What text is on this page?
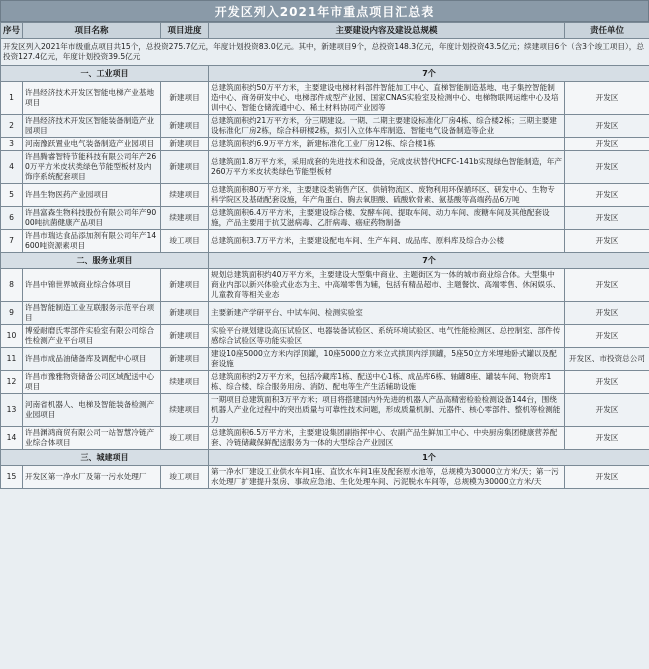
开发区列入2021年市重点项目汇总表
序号	项目名称	项目进度	主要建设内容及建设总规模	责任单位
开发区列入2021年市级重点项目共15个，总投资275.7亿元，年度计划投资83.0亿元。其中，新建项目9个，总投资148.3亿元，年度计划投资43.5亿元；续建项目6个（含3个竣工项目），总投资127.4亿元，年度计划投资39.5亿元				
一、工业项目			7个	
1	许昌经济技术开发区智能电梯产业基地项目	新建项目	总建筑面积约50万平方米，主要建设电梯材料部件智能加工中心、直梯智能制造基地、电子集控智能制造中心、商务研发中心、电梯部件成型产业园、国家CNAS实验室及检测中心、电梯物联网运维中心及培训中心、智能仓储流通中心、稀土材料协同产业园等	开发区
2	许昌经济技术开发区智能装备制造产业园项目	新建项目	总建筑面积约21万平方米，分三期建设。一期、二期主要建设标准化厂房4栋、综合楼2栋；三期主要建设标准化厂房2栋，综合科研楼2栋，拟引入立体车库制造、智能电气设备制造等企业	开发区
3	河南豫跃置业电气装备制造产业园项目	新建项目	总建筑面积约6.9万平方米，新建标准化工业厂房12栋、综合楼1栋	开发区
4	许昌腾睿智特节能科技有限公司年产260万平方米皮状类绿色节能型板材及内饰序系统配套项目	新建项目	总建筑面1.8万平方米，采用成套的先进技术和设备，完成皮状替代HCFC-141b实现绿色智能制造，年产260万平方米皮状类绿色节能型板材	开发区
5	许昌生物医药产业园项目	续建项目	总建筑面积80万平方米，主要建设类销售产区、供销物流区、废物利用环保循环区、研发中心、生物专科学院区及基础配套设施，年产角蛋白、胸去氧胆酸、硫酸软骨素、氨基酸等高端药品6万吨	开发区
6	许昌富森生物科技股份有限公司年产9000吨抗菌健康产品项目	续建项目	总建筑面积6.4万平方米，主要建设综合楼、发酵车间、提取车间、动力车间、废糖车间及其他配套设施，产品主要用于抗艾滋病毒、乙肝病毒、癌症药物制备	开发区
7	许昌市瑞达食品添加剂有限公司年产14600吨资源素项目	竣工项目	总建筑面积3.7万平方米，主要建设配电车间、生产车间、成品库、原料库及综合办公楼	开发区
二、服务业项目			7个	
8	许昌中锦世界城商业综合体项目	新建项目	规划总建筑面积约40万平方米，主要建设大型集中商业、主题街区为一体的城市商业综合体。大型集中商业内部以新兴体验式业态为主、中高端零售为辅，包括有精品超市、主题餐饮、高端零售、休闲娱乐、儿童教育等相关业态	开发区
9	许昌智能制造工业互联服务示范平台项目	新建项目	主要新建产学研平台、中试车间、检测实验室	开发区
10	博爱耐磨氏零部件实验室有限公司综合性检测产业平台项目	新建项目	实验平台规划建设高压试验区、电器装备试验区、系统环境试验区、电气性能检测区、总控制室、部件传感综合试验区等功能实验区	开发区
11	许昌市成品油储备库及调配中心项目	新建项目	建设10座5000立方米内浮顶罐，10座5000立方米立式拱顶内浮顶罐，5座50立方米埋地卧式罐以及配套设施	开发区、市投资总公司
12	许昌市豫雅物资储备公司区域配送中心项目	续建项目	总建筑面积约2万平方米，包括冷藏库1栋、配送中心1栋、成品库6栋、轴罐8座、罐装车间、物资库1栋、综合楼、综合服务用房、消防、配电等生产生活辅助设施	开发区
13	河南省机器人、电梯及智能装备检测产业园项目	续建项目	一期项目总建筑面积3万平方米；项目将搭建国内外先进的机器人产品高精密检验检测设备144台，围绕机器人产业化过程中的突出质量与可靠性技术问题，形成质量机制、元器件、核心零部件、整机等检测能力	开发区
14	许昌渊鸿商贸有限公司一站智慧冷链产业综合体项目	竣工项目	总建筑面积6.5万平方米，主要建设集团副指挥中心、农副产品生鲜加工中心、中央厨房集团健康营养配套、冷链储藏保鲜配送服务为一体的大型综合产业园区	开发区
三、城建项目			1个	
15	开发区第一净水厂及第一污水处理厂	竣工项目	第一净水厂建设工业供水车间1座、直饮水车间1座及配套原水池等，总规模为30000立方米/天；第一污水处理厂扩建提升泵房、事故应急池、生化处理车间、污泥脱水车间等，总规模为30000立方米/天	开发区
